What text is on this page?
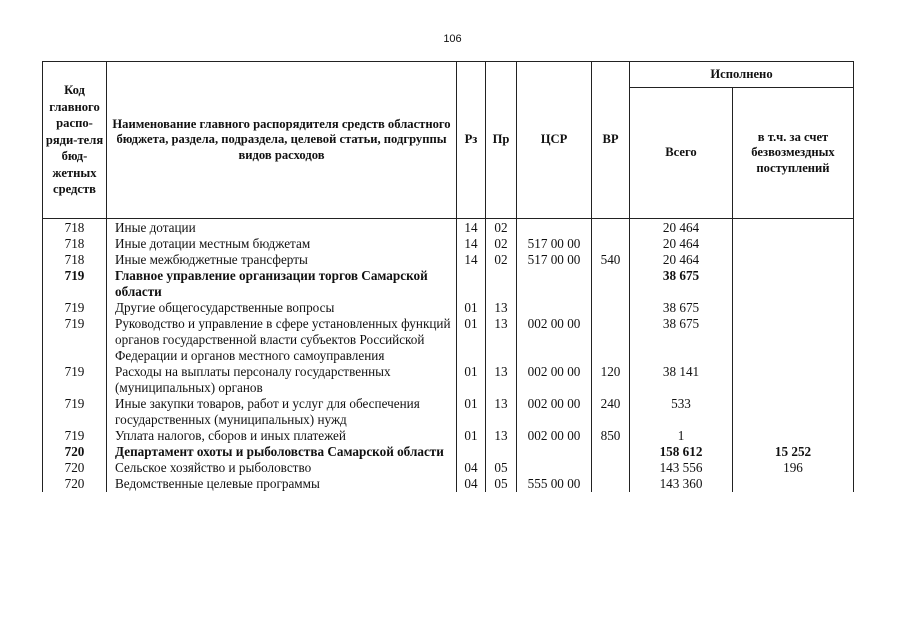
106
Код главного распо-ряди-теля бюд-жетных средств	Наименование главного распорядителя средств областного бюджета, раздела, подраздела, целевой статьи, подгруппы видов расходов	Рз	Пр	ЦСР	ВР	Исполнено	
						Всего	в т.ч. за счет безвозмездных поступлений
718	Иные дотации	14	02			20 464	
718	Иные дотации местным бюджетам	14	02	517 00 00		20 464	
718	Иные межбюджетные трансферты	14	02	517 00 00	540	20 464	
719	Главное управление организации торгов Самарской области					38 675	
719	Другие общегосударственные вопросы	01	13			38 675	
719	Руководство и управление в сфере установленных функций органов государственной власти субъектов Российской Федерации и органов местного самоуправления	01	13	002 00 00		38 675	
719	Расходы на выплаты персоналу государственных (муниципальных) органов	01	13	002 00 00	120	38 141	
719	Иные закупки товаров, работ и услуг для обеспечения государственных (муниципальных) нужд	01	13	002 00 00	240	533	
719	Уплата налогов, сборов и иных платежей	01	13	002 00 00	850	1	
720	Департамент охоты и рыболовства Самарской области					158 612	15 252
720	Сельское хозяйство и рыболовство	04	05			143 556	196
720	Ведомственные целевые программы	04	05	555 00 00		143 360	
